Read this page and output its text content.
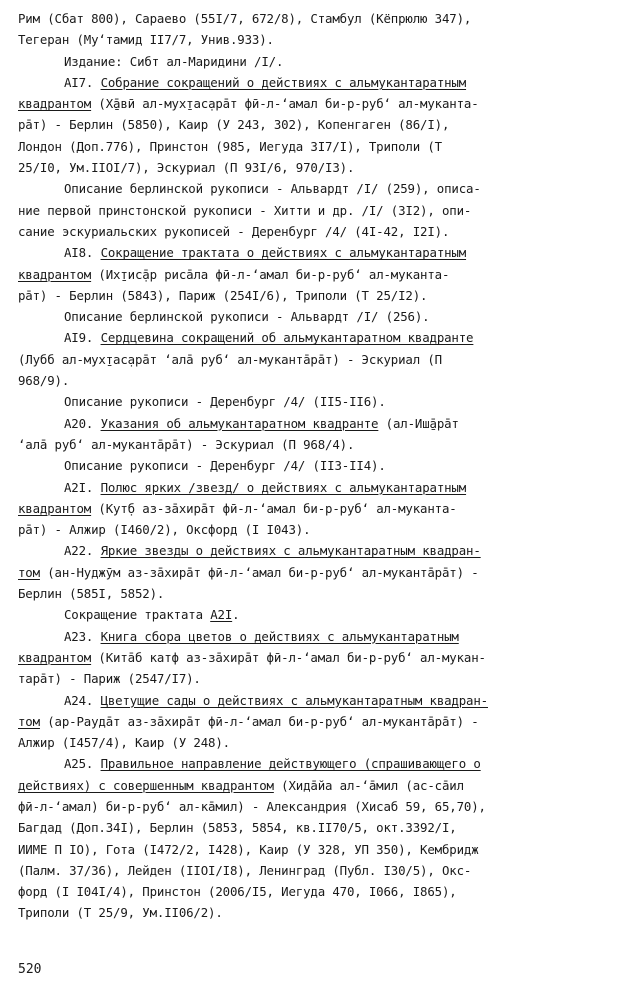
Рим (Сбат 800), Сараево (55I/7, 672/8), Стамбул (Кёпрюлю 347),
Тегеран (Муʻтамид II7/7, Унив.933).
Издание: Сибт ал-Маридини /I/.
AI7. Собрание сокращений о действиях с альмукантаратным
квадрантом (Х̱а̄вӣ ал-мух̱тас̣ара̄т фӣ-л-ʻамал би-р-рубʻ ал-муканта-
ра̄т) - Берлин (5850), Каир (У 243, 302), Копенгаген (86/I),
Лондон (Доп.776), Принстон (985, Иегуда 3I7/I), Триполи (Т
25/I0, Ум.IIOI/7), Эскуриал (П 93I/6, 970/I3).
Описание берлинской рукописи - Альвардт /I/ (259), описа-
ние первой принстонской рукописи - Хитти и др. /I/ (3I2), опи-
сание эскуриальских рукописей - Деренбург /4/ (4I-42, I2I).
AI8. Сокращение трактата о действиях с альмукантаратным
квадрантом (Их̱тис̣а̄р риса̄ла фӣ-л-ʻамал би-р-рубʻ ал-муканта-
ра̄т) - Берлин (5843), Париж (254I/6), Триполи (Т 25/I2).
Описание берлинской рукописи - Альвардт /I/ (256).
AI9. Сердцевина сокращений об альмукантаратном квадранте
(Лубб ал-мух̱тас̣ара̄т ʻала̄ рубʻ ал-муканта̄ра̄т) - Эскуриал (П
968/9).
Описание рукописи - Деренбург /4/ (II5-II6).
A20. Указания об альмукантаратном квадранте (ал-Иш̱а̄ра̄т
ʻала̄ рубʻ ал-муканта̄ра̄т) - Эскуриал (П 968/4).
Описание рукописи - Деренбург /4/ (II3-II4).
A2I. Полюс ярких /звезд/ о действиях с альмукантаратным
квадрантом (Кут̣б аз-за̄хира̄т фӣ-л-ʻамал би-р-рубʻ ал-муканта-
ра̄т) - Алжир (I460/2), Оксфорд (I I043).
A22. Яркие звезды о действиях с альмукантаратным квадран-
том (ан-Нуджӯм аз-за̄хира̄т фӣ-л-ʻамал би-р-рубʻ ал-муканта̄ра̄т) -
Берлин (585I, 5852).
Сокращение трактата A2I.
A23. Книга сбора цветов о действиях с альмукантаратным
квадрантом (Кита̄б катф аз-за̄хира̄т фӣ-л-ʻамал би-р-рубʻ ал-мукан-
тара̄т) - Париж (2547/I7).
A24. Цветущие сады о действиях с альмукантаратным квадран-
том (ар-Рауда̄т аз-за̄хира̄т фӣ-л-ʻамал би-р-рубʻ ал-муканта̄ра̄т) -
Алжир (I457/4), Каир (У 248).
A25. Правильное направление действующего (спрашивающего о
действиях) с совершенным квадрантом (Хида̄йа ал-ʻа̄мил (ас-са̄ил
фӣ-л-ʻамал) би-р-рубʻ ал-ка̄мил) - Александрия (Хисаб 59, 65,70),
Багдад (Доп.34I), Берлин (5853, 5854, кв.II70/5, окт.3392/I,
ИИМЕ П IO), Гота (I472/2, I428), Каир (У 328, УП 350), Кембридж
(Палм. 37/36), Лейден (IIOI/I8), Ленинград (Публ. I30/5), Окс-
форд (I I04I/4), Принстон (2006/I5, Иегуда 470, I066, I865),
Триполи (Т 25/9, Ум.II06/2).
520
